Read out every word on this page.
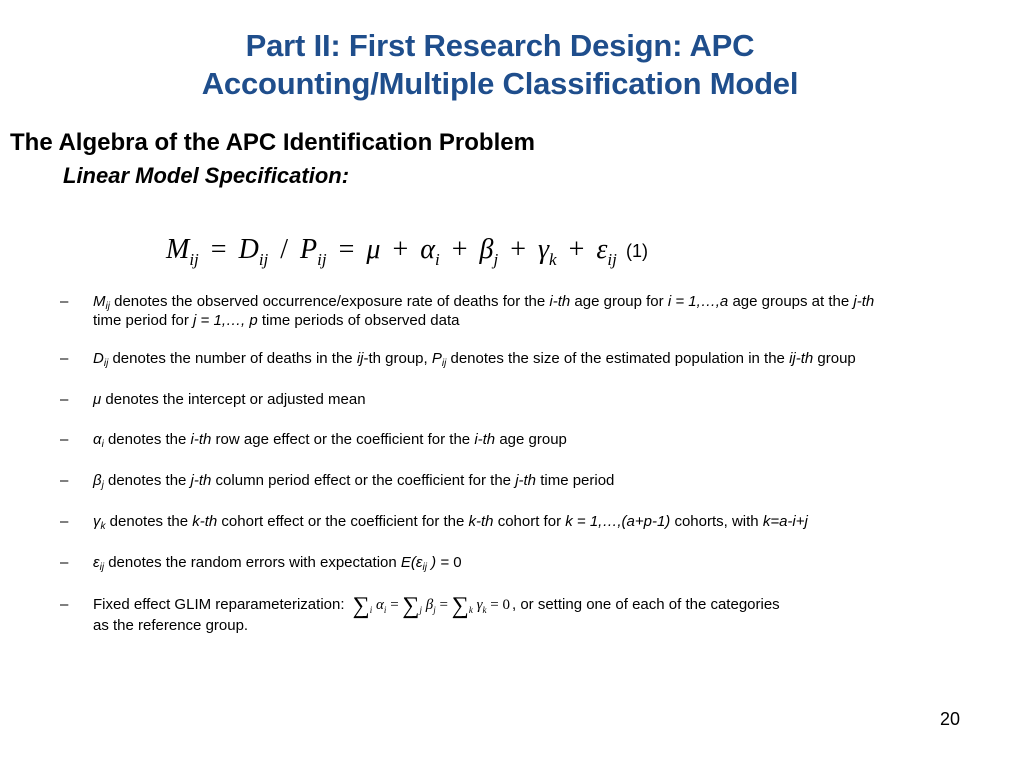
Part II: First Research Design: APC
Accounting/Multiple Classification Model
The Algebra of the APC Identification Problem
Linear Model Specification:
$M_{ij} = D_{ij} / P_{ij} = \mu + \alpha_i + \beta_j + \gamma_k + \varepsilon_{ij}$ (1)
– $M_{ij}$ denotes the observed occurrence/exposure rate of deaths for the i-th age group for i = 1,…,a age groups at the j-th
time period for j = 1,…, p time periods of observed data
– $D_{ij}$ denotes the number of deaths in the ij-th group, $P_{ij}$ denotes the size of the estimated population in the ij-th group
– μ denotes the intercept or adjusted mean
– $\alpha_i$ denotes the i-th row age effect or the coefficient for the i-th age group
– $\beta_j$ denotes the j-th column period effect or the coefficient for the j-th time period
– $\gamma_k$ denotes the k-th cohort effect or the coefficient for the k-th cohort for k = 1,…,(a+p-1) cohorts, with k=a-i+j
– $\varepsilon_{ij}$ denotes the random errors with expectation $E(\varepsilon_{ij}$ ) = 0
– Fixed effect GLIM reparameterization: $\sum_i$ $\alpha_i = \sum_j$ $\beta_j = \sum_k$ $\gamma_k = 0$ , or setting one of each of the categories
as the reference group.
20
